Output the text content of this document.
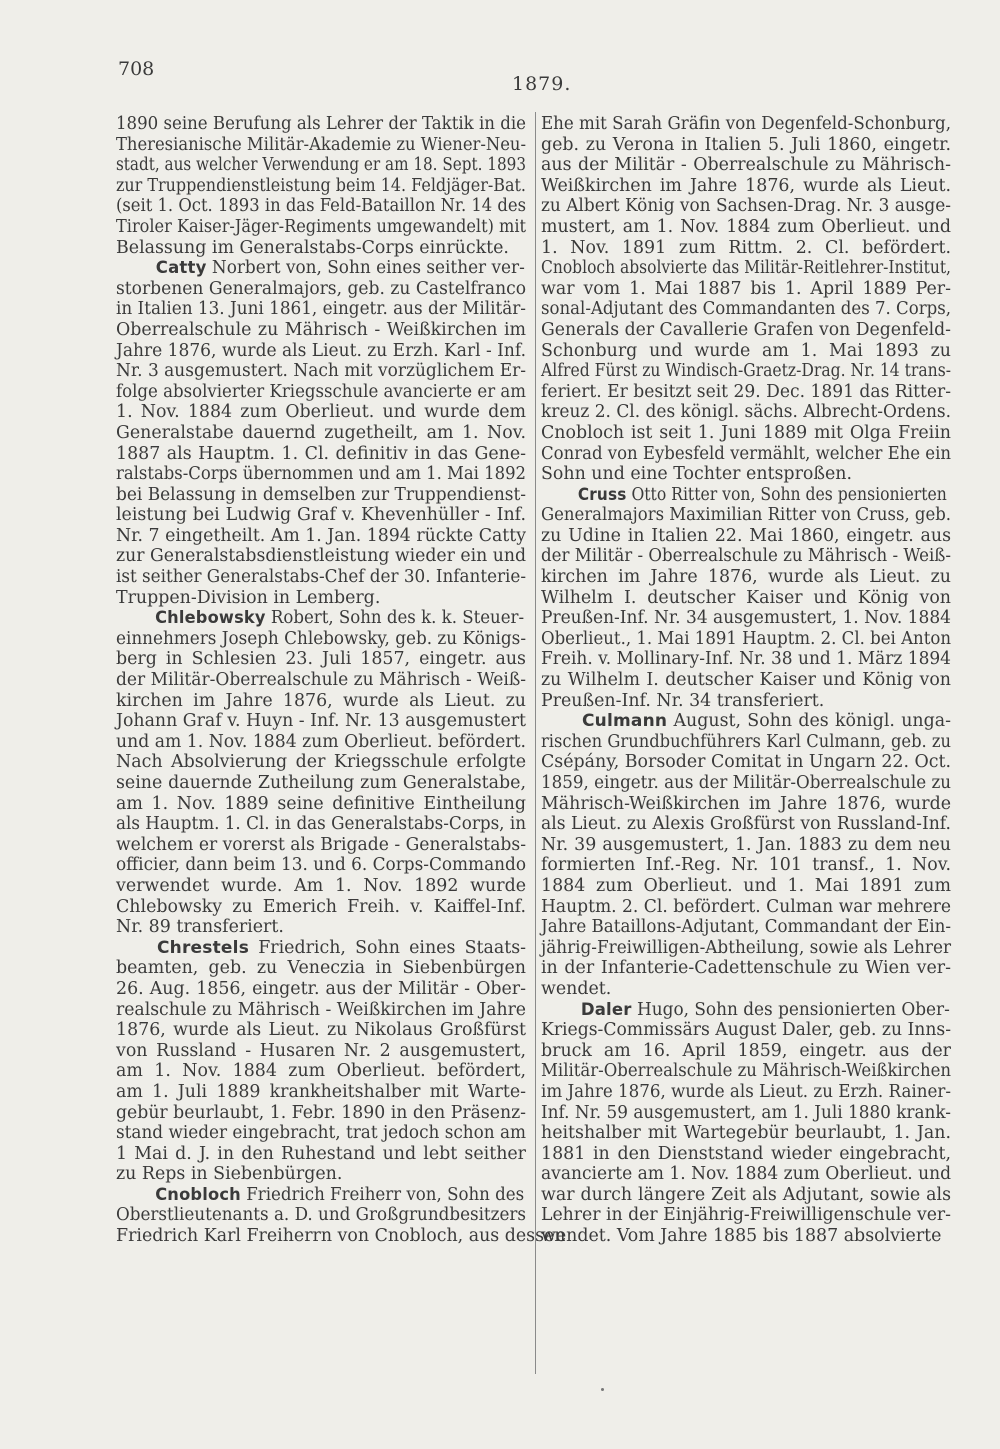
708
1879.
1890 seine Berufung als Lehrer der Taktik in die
Theresianische Militär-Akademie zu Wiener-Neu-
stadt, aus welcher Verwendung er am 18. Sept. 1893
zur Truppendienstleistung beim 14. Feldjäger-Bat.
(seit 1. Oct. 1893 in das Feld-Bataillon Nr. 14 des
Tiroler Kaiser-Jäger-Regiments umgewandelt) mit
Belassung im Generalstabs-Corps einrückte.
Catty Norbert von, Sohn eines seither ver-
storbenen Generalmajors, geb. zu Castelfranco
in Italien 13. Juni 1861, eingetr. aus der Militär-
Oberrealschule zu Mährisch - Weißkirchen im
Jahre 1876, wurde als Lieut. zu Erzh. Karl - Inf.
Nr. 3 ausgemustert. Nach mit vorzüglichem Er-
folge absolvierter Kriegsschule avancierte er am
1. Nov. 1884 zum Oberlieut. und wurde dem
Generalstabe dauernd zugetheilt, am 1. Nov.
1887 als Hauptm. 1. Cl. definitiv in das Gene-
ralstabs-Corps übernommen und am 1. Mai 1892
bei Belassung in demselben zur Truppendienst-
leistung bei Ludwig Graf v. Khevenhüller - Inf.
Nr. 7 eingetheilt. Am 1. Jan. 1894 rückte Catty
zur Generalstabsdienstleistung wieder ein und
ist seither Generalstabs-Chef der 30. Infanterie-
Truppen-Division in Lemberg.
Chlebowsky Robert, Sohn des k. k. Steuer-
einnehmers Joseph Chlebowsky, geb. zu Königs-
berg in Schlesien 23. Juli 1857, eingetr. aus
der Militär-Oberrealschule zu Mährisch - Weiß-
kirchen im Jahre 1876, wurde als Lieut. zu
Johann Graf v. Huyn - Inf. Nr. 13 ausgemustert
und am 1. Nov. 1884 zum Oberlieut. befördert.
Nach Absolvierung der Kriegsschule erfolgte
seine dauernde Zutheilung zum Generalstabe,
am 1. Nov. 1889 seine definitive Eintheilung
als Hauptm. 1. Cl. in das Generalstabs-Corps, in
welchem er vorerst als Brigade - Generalstabs-
officier, dann beim 13. und 6. Corps-Commando
verwendet wurde. Am 1. Nov. 1892 wurde
Chlebowsky zu Emerich Freih. v. Kaiffel-Inf.
Nr. 89 transferiert.
Chrestels Friedrich, Sohn eines Staats-
beamten, geb. zu Veneczia in Siebenbürgen
26. Aug. 1856, eingetr. aus der Militär - Ober-
realschule zu Mährisch - Weißkirchen im Jahre
1876, wurde als Lieut. zu Nikolaus Großfürst
von Russland - Husaren Nr. 2 ausgemustert,
am 1. Nov. 1884 zum Oberlieut. befördert,
am 1. Juli 1889 krankheitshalber mit Warte-
gebür beurlaubt, 1. Febr. 1890 in den Präsenz-
stand wieder eingebracht, trat jedoch schon am
1 Mai d. J. in den Ruhestand und lebt seither
zu Reps in Siebenbürgen.
Cnobloch Friedrich Freiherr von, Sohn des
Oberstlieutenants a. D. und Großgrundbesitzers
Friedrich Karl Freiherrn von Cnobloch, aus dessen
Ehe mit Sarah Gräfin von Degenfeld-Schonburg,
geb. zu Verona in Italien 5. Juli 1860, eingetr.
aus der Militär - Oberrealschule zu Mährisch-
Weißkirchen im Jahre 1876, wurde als Lieut.
zu Albert König von Sachsen-Drag. Nr. 3 ausge-
mustert, am 1. Nov. 1884 zum Oberlieut. und
1. Nov. 1891 zum Rittm. 2. Cl. befördert.
Cnobloch absolvierte das Militär-Reitlehrer-Institut,
war vom 1. Mai 1887 bis 1. April 1889 Per-
sonal-Adjutant des Commandanten des 7. Corps,
Generals der Cavallerie Grafen von Degenfeld-
Schonburg und wurde am 1. Mai 1893 zu
Alfred Fürst zu Windisch-Graetz-Drag. Nr. 14 trans-
feriert. Er besitzt seit 29. Dec. 1891 das Ritter-
kreuz 2. Cl. des königl. sächs. Albrecht-Ordens.
Cnobloch ist seit 1. Juni 1889 mit Olga Freiin
Conrad von Eybesfeld vermählt, welcher Ehe ein
Sohn und eine Tochter entsproßen.
Cruss Otto Ritter von, Sohn des pensionierten
Generalmajors Maximilian Ritter von Cruss, geb.
zu Udine in Italien 22. Mai 1860, eingetr. aus
der Militär - Oberrealschule zu Mährisch - Weiß-
kirchen im Jahre 1876, wurde als Lieut. zu
Wilhelm I. deutscher Kaiser und König von
Preußen-Inf. Nr. 34 ausgemustert, 1. Nov. 1884
Oberlieut., 1. Mai 1891 Hauptm. 2. Cl. bei Anton
Freih. v. Mollinary-Inf. Nr. 38 und 1. März 1894
zu Wilhelm I. deutscher Kaiser und König von
Preußen-Inf. Nr. 34 transferiert.
Culmann August, Sohn des königl. unga-
rischen Grundbuchführers Karl Culmann, geb. zu
Csépány, Borsoder Comitat in Ungarn 22. Oct.
1859, eingetr. aus der Militär-Oberrealschule zu
Mährisch-Weißkirchen im Jahre 1876, wurde
als Lieut. zu Alexis Großfürst von Russland-Inf.
Nr. 39 ausgemustert, 1. Jan. 1883 zu dem neu
formierten Inf.-Reg. Nr. 101 transf., 1. Nov.
1884 zum Oberlieut. und 1. Mai 1891 zum
Hauptm. 2. Cl. befördert. Culman war mehrere
Jahre Bataillons-Adjutant, Commandant der Ein-
jährig-Freiwilligen-Abtheilung, sowie als Lehrer
in der Infanterie-Cadettenschule zu Wien ver-
wendet.
Daler Hugo, Sohn des pensionierten Ober-
Kriegs-Commissärs August Daler, geb. zu Inns-
bruck am 16. April 1859, eingetr. aus der
Militär-Oberrealschule zu Mährisch-Weißkirchen
im Jahre 1876, wurde als Lieut. zu Erzh. Rainer-
Inf. Nr. 59 ausgemustert, am 1. Juli 1880 krank-
heitshalber mit Wartegebür beurlaubt, 1. Jan.
1881 in den Dienststand wieder eingebracht,
avancierte am 1. Nov. 1884 zum Oberlieut. und
war durch längere Zeit als Adjutant, sowie als
Lehrer in der Einjährig-Freiwilligenschule ver-
wendet. Vom Jahre 1885 bis 1887 absolvierte
